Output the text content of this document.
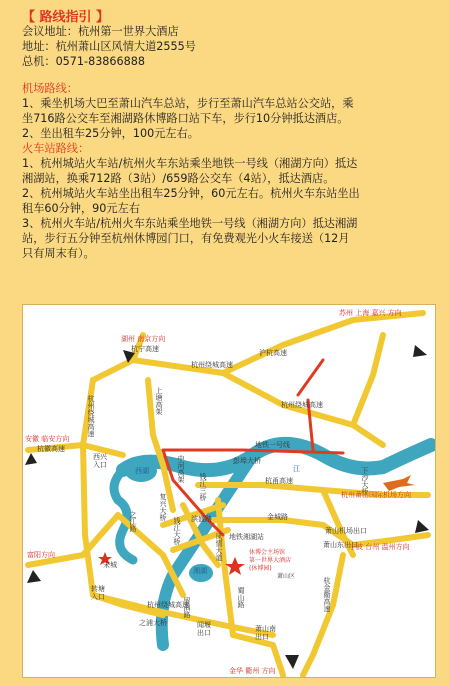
【 路线指引 】
会议地址：杭州第一世界大酒店
地址：杭州萧山区风情大道2555号
总机：0571-83866888
机场路线：
1、乘坐机场大巴至萧山汽车总站，步行至萧山汽车总站公交站，乘
坐716路公交车至湘湖路休博路口站下车，步行10分钟抵达酒店。
2、坐出租车25分钟，100元左右。
火车站路线：
1、杭州城站火车站/杭州火车东站乘坐地铁一号线（湘湖方向）抵达
湘湖站，换乘712路（3站）/659路公交车（4站），抵达酒店。
2、杭州城站火车站坐出租车25分钟，60元左右。杭州火车东站坐出
租车60分钟，90元左右
3、杭州火车站/杭州火车东站乘坐地铁一号线（湘湖方向）抵达湘湖
站，步行五分钟至杭州休博园门口，有免费观光小火车接送（12月
只有周末有）。
苏州 上海 嘉兴 方向
湖州 南京方向
杭宁高速
杭州绕城高速
沪杭高速
上塘高架	杭州绕城高速
安徽 临安方向
杭徽高速
杭州绕城高速
西兴
入口
西湖	中河高架
地铁一号线
彭埠大桥
江	下沙大桥
杭州萧山国际机场方向
杭甬高速
钱江三桥
复兴大桥
钱江大桥
之江路	滨盛路	金城路
萧山机场出口
萧山东出口
宁波 台州 温州方向
富阳方向	风情大道 地铁湘湖站
休博会主场馆
第一世界大酒店
(休博园)
萧山区
宋城
转塘
入口
杭州绕城高速
湘湖
留泗路
之浦大桥	闻堰
出口	萧山南
出口
蜀山路
金华 衢州 方向
杭金衢高速
